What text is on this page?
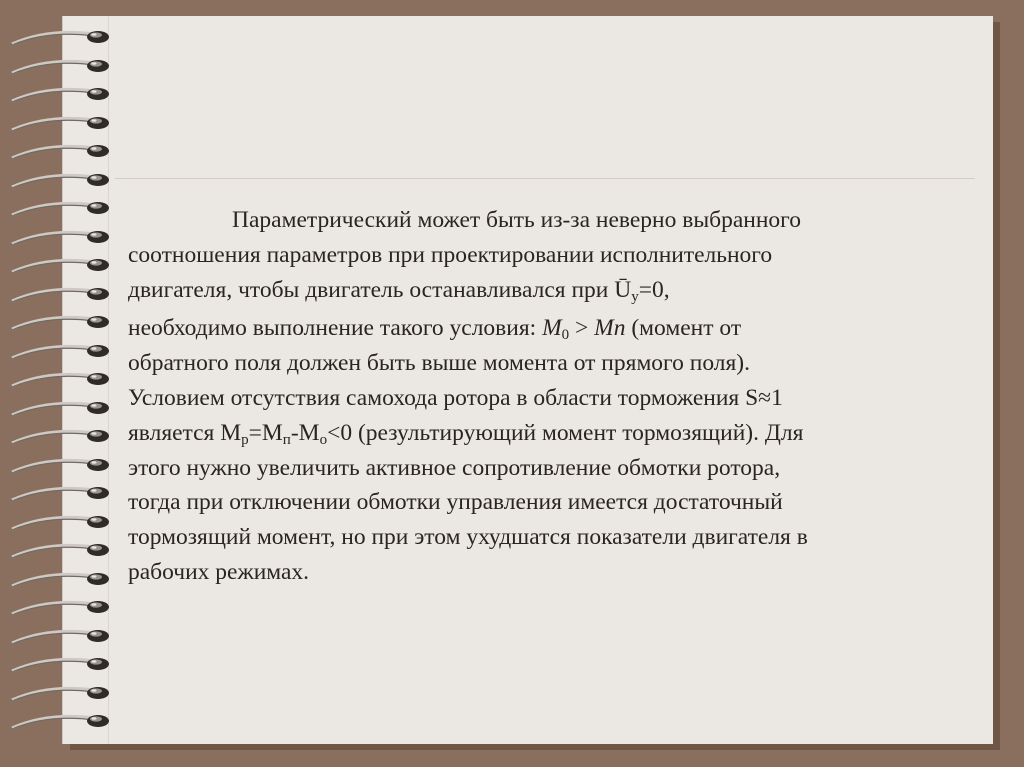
Параметрический может быть из-за неверно выбранного

соотношения параметров при проектировании исполнительного

двигателя, чтобы двигатель останавливался при $Ū_у=0$,

необходимо выполнение такого условия: $M_0 > Mn$ (момент от

обратного поля должен быть выше момента от прямого поля).

Условием отсутствия самохода ротора в области торможения S≈1

является $M_р=M_п-M_о<0$ (результирующий момент тормозящий). Для

этого нужно увеличить активное сопротивление обмотки ротора,

тогда при отключении обмотки управления имеется достаточный

тормозящий момент, но при этом ухудшатся показатели двигателя в

рабочих режимах.
